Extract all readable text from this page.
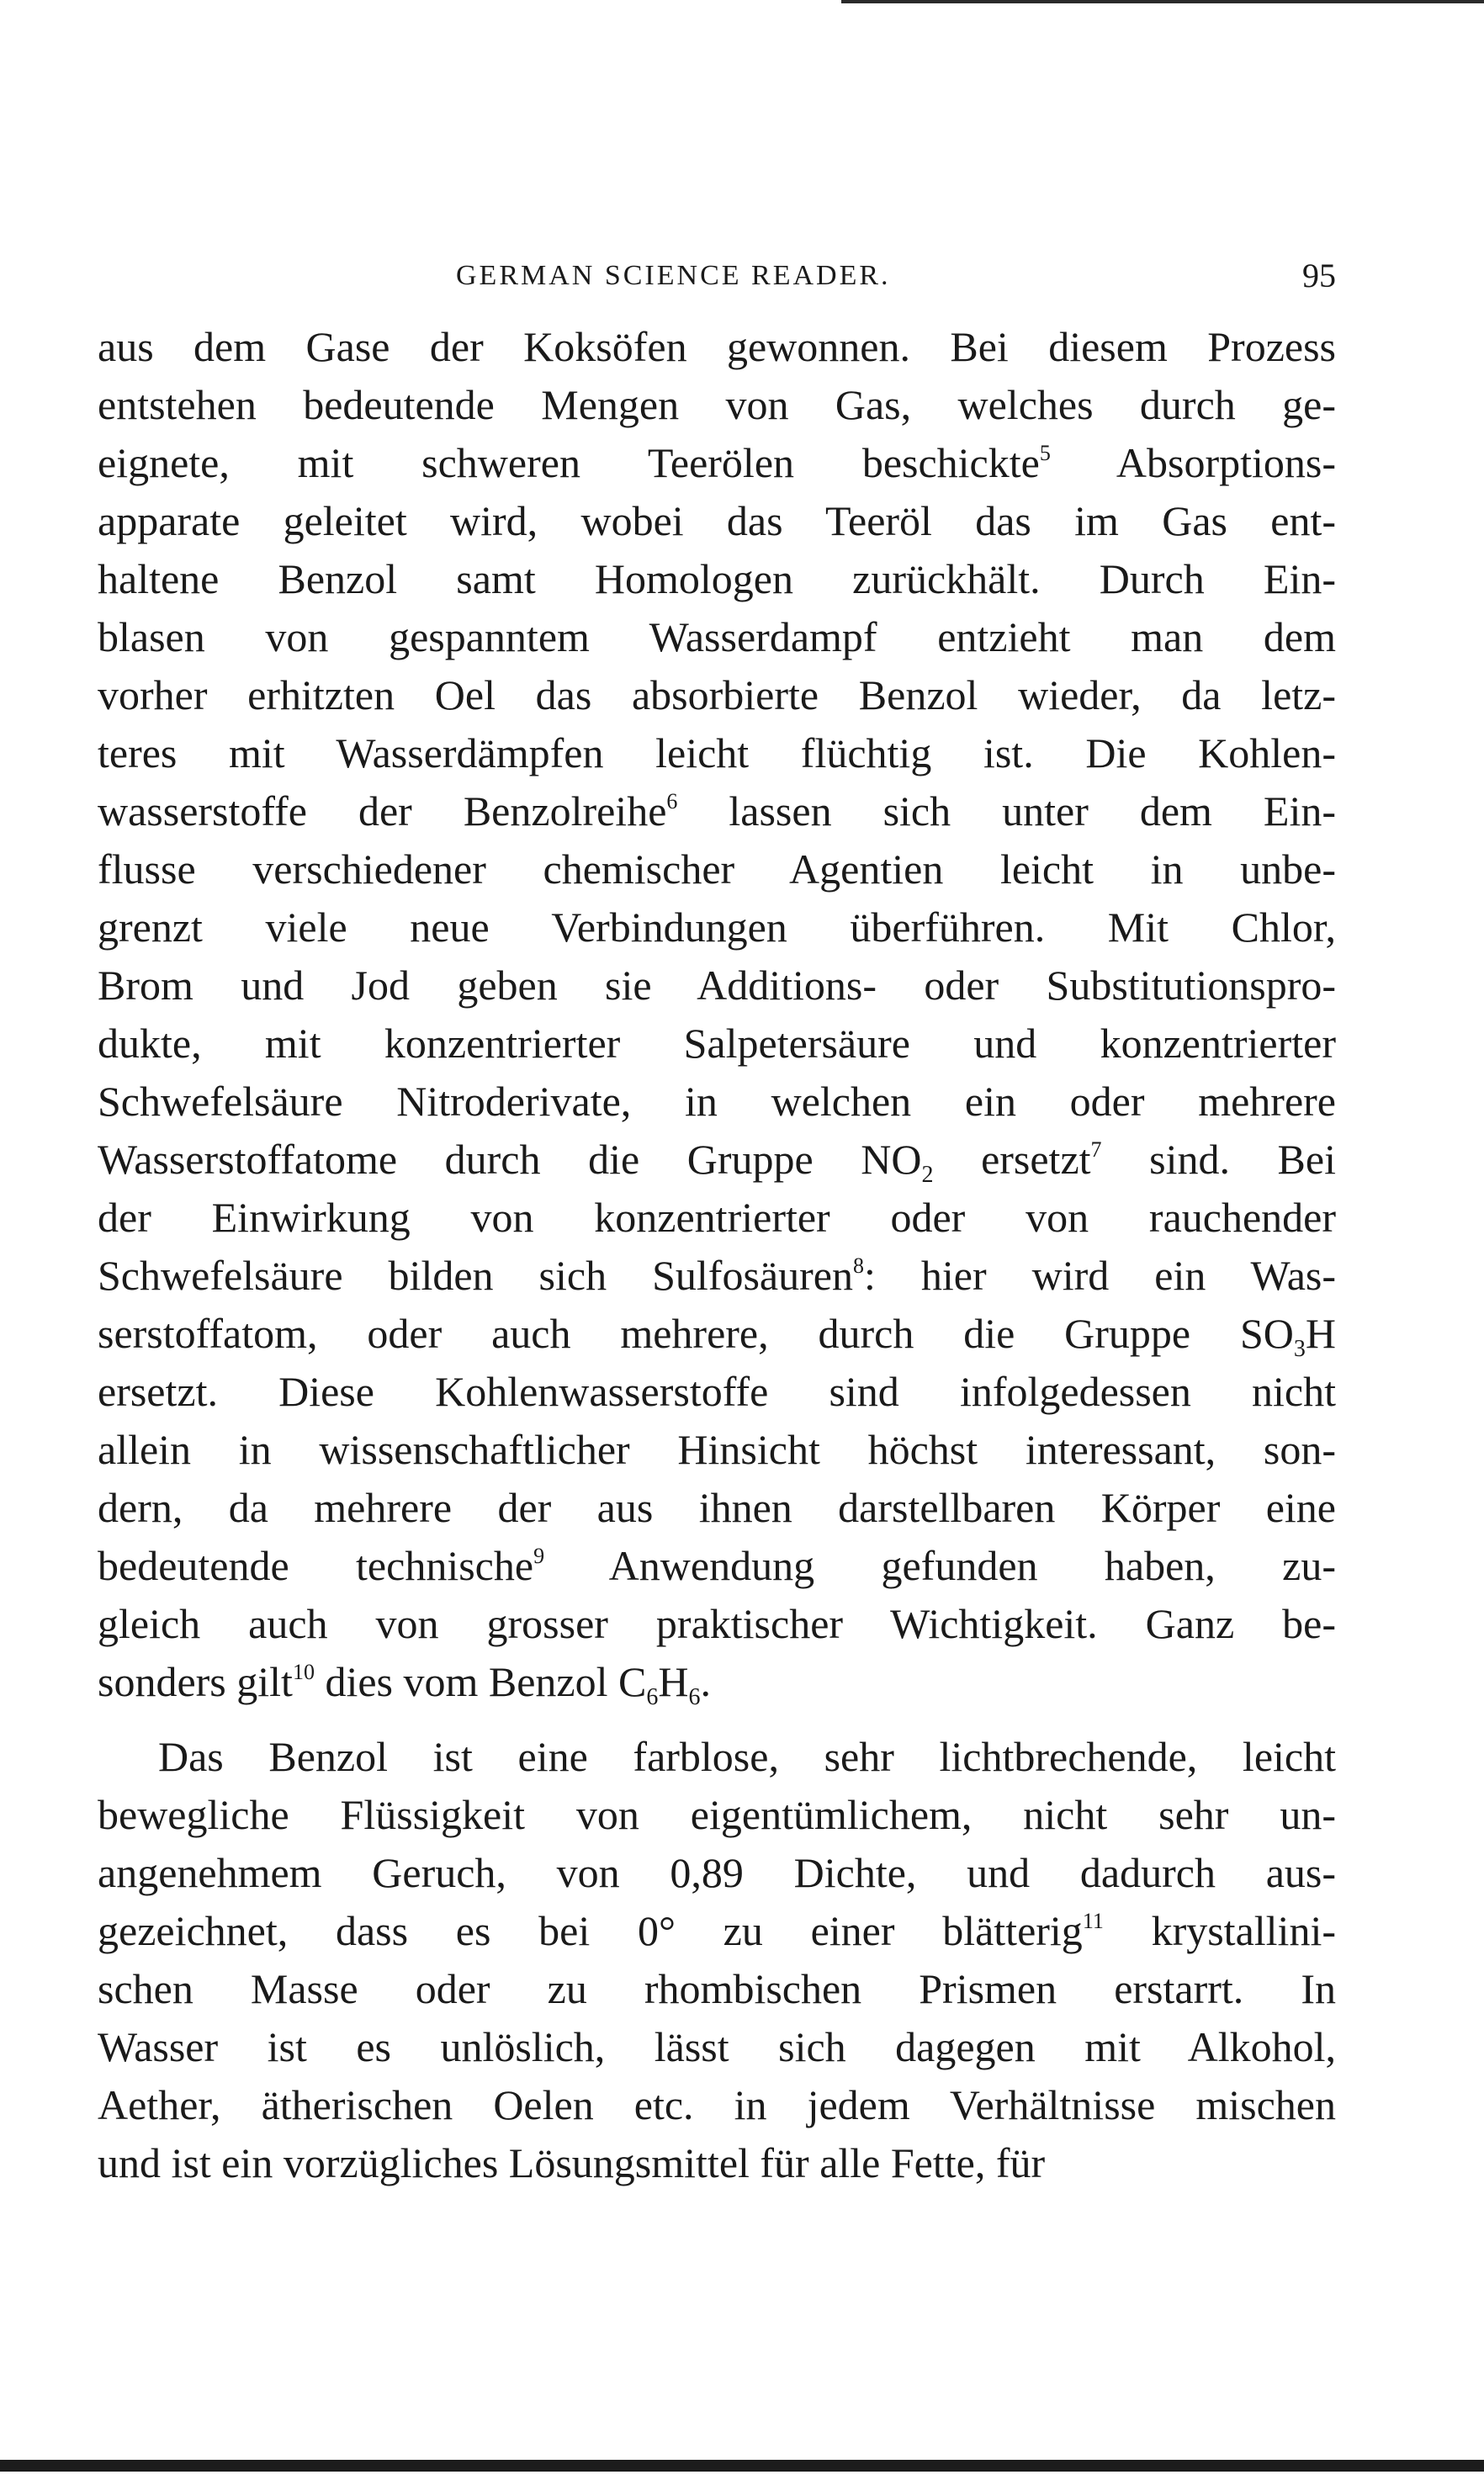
GERMAN SCIENCE READER.	95
aus dem Gase der Koksöfen gewonnen. Bei diesem Prozess
entstehen bedeutende Mengen von Gas, welches durch ge-
eignete, mit schweren Teerölen beschickte$^5$ Absorptions-
apparate geleitet wird, wobei das Teeröl das im Gas ent-
haltene Benzol samt Homologen zurückhält. Durch Ein-
blasen von gespanntem Wasserdampf entzieht man dem
vorher erhitzten Oel das absorbierte Benzol wieder, da letz-
teres mit Wasserdämpfen leicht flüchtig ist. Die Kohlen-
wasserstoffe der Benzolreihe$^6$ lassen sich unter dem Ein-
flusse verschiedener chemischer Agentien leicht in unbe-
grenzt viele neue Verbindungen überführen. Mit Chlor,
Brom und Jod geben sie Additions- oder Substitutionspro-
dukte, mit konzentrierter Salpetersäure und konzentrierter
Schwefelsäure Nitroderivate, in welchen ein oder mehrere
Wasserstoffatome durch die Gruppe $NO_2$ ersetzt$^7$ sind. Bei
der Einwirkung von konzentrierter oder von rauchender
Schwefelsäure bilden sich Sulfosäuren$^8$: hier wird ein Was-
serstoffatom, oder auch mehrere, durch die Gruppe $SO_3H$
ersetzt. Diese Kohlenwasserstoffe sind infolgedessen nicht
allein in wissenschaftlicher Hinsicht höchst interessant, son-
dern, da mehrere der aus ihnen darstellbaren Körper eine
bedeutende technische$^9$ Anwendung gefunden haben, zu-
gleich auch von grosser praktischer Wichtigkeit. Ganz be-
sonders gilt$^{10}$ dies vom Benzol $C_6H_6$.
Das Benzol ist eine farblose, sehr lichtbrechende, leicht
bewegliche Flüssigkeit von eigentümlichem, nicht sehr un-
angenehmem Geruch, von 0,89 Dichte, und dadurch aus-
gezeichnet, dass es bei 0° zu einer blätterig$^{11}$ krystallini-
schen Masse oder zu rhombischen Prismen erstarrt. In
Wasser ist es unlöslich, lässt sich dagegen mit Alkohol,
Aether, ätherischen Oelen etc. in jedem Verhältnisse mischen
und ist ein vorzügliches Lösungsmittel für alle Fette, für
